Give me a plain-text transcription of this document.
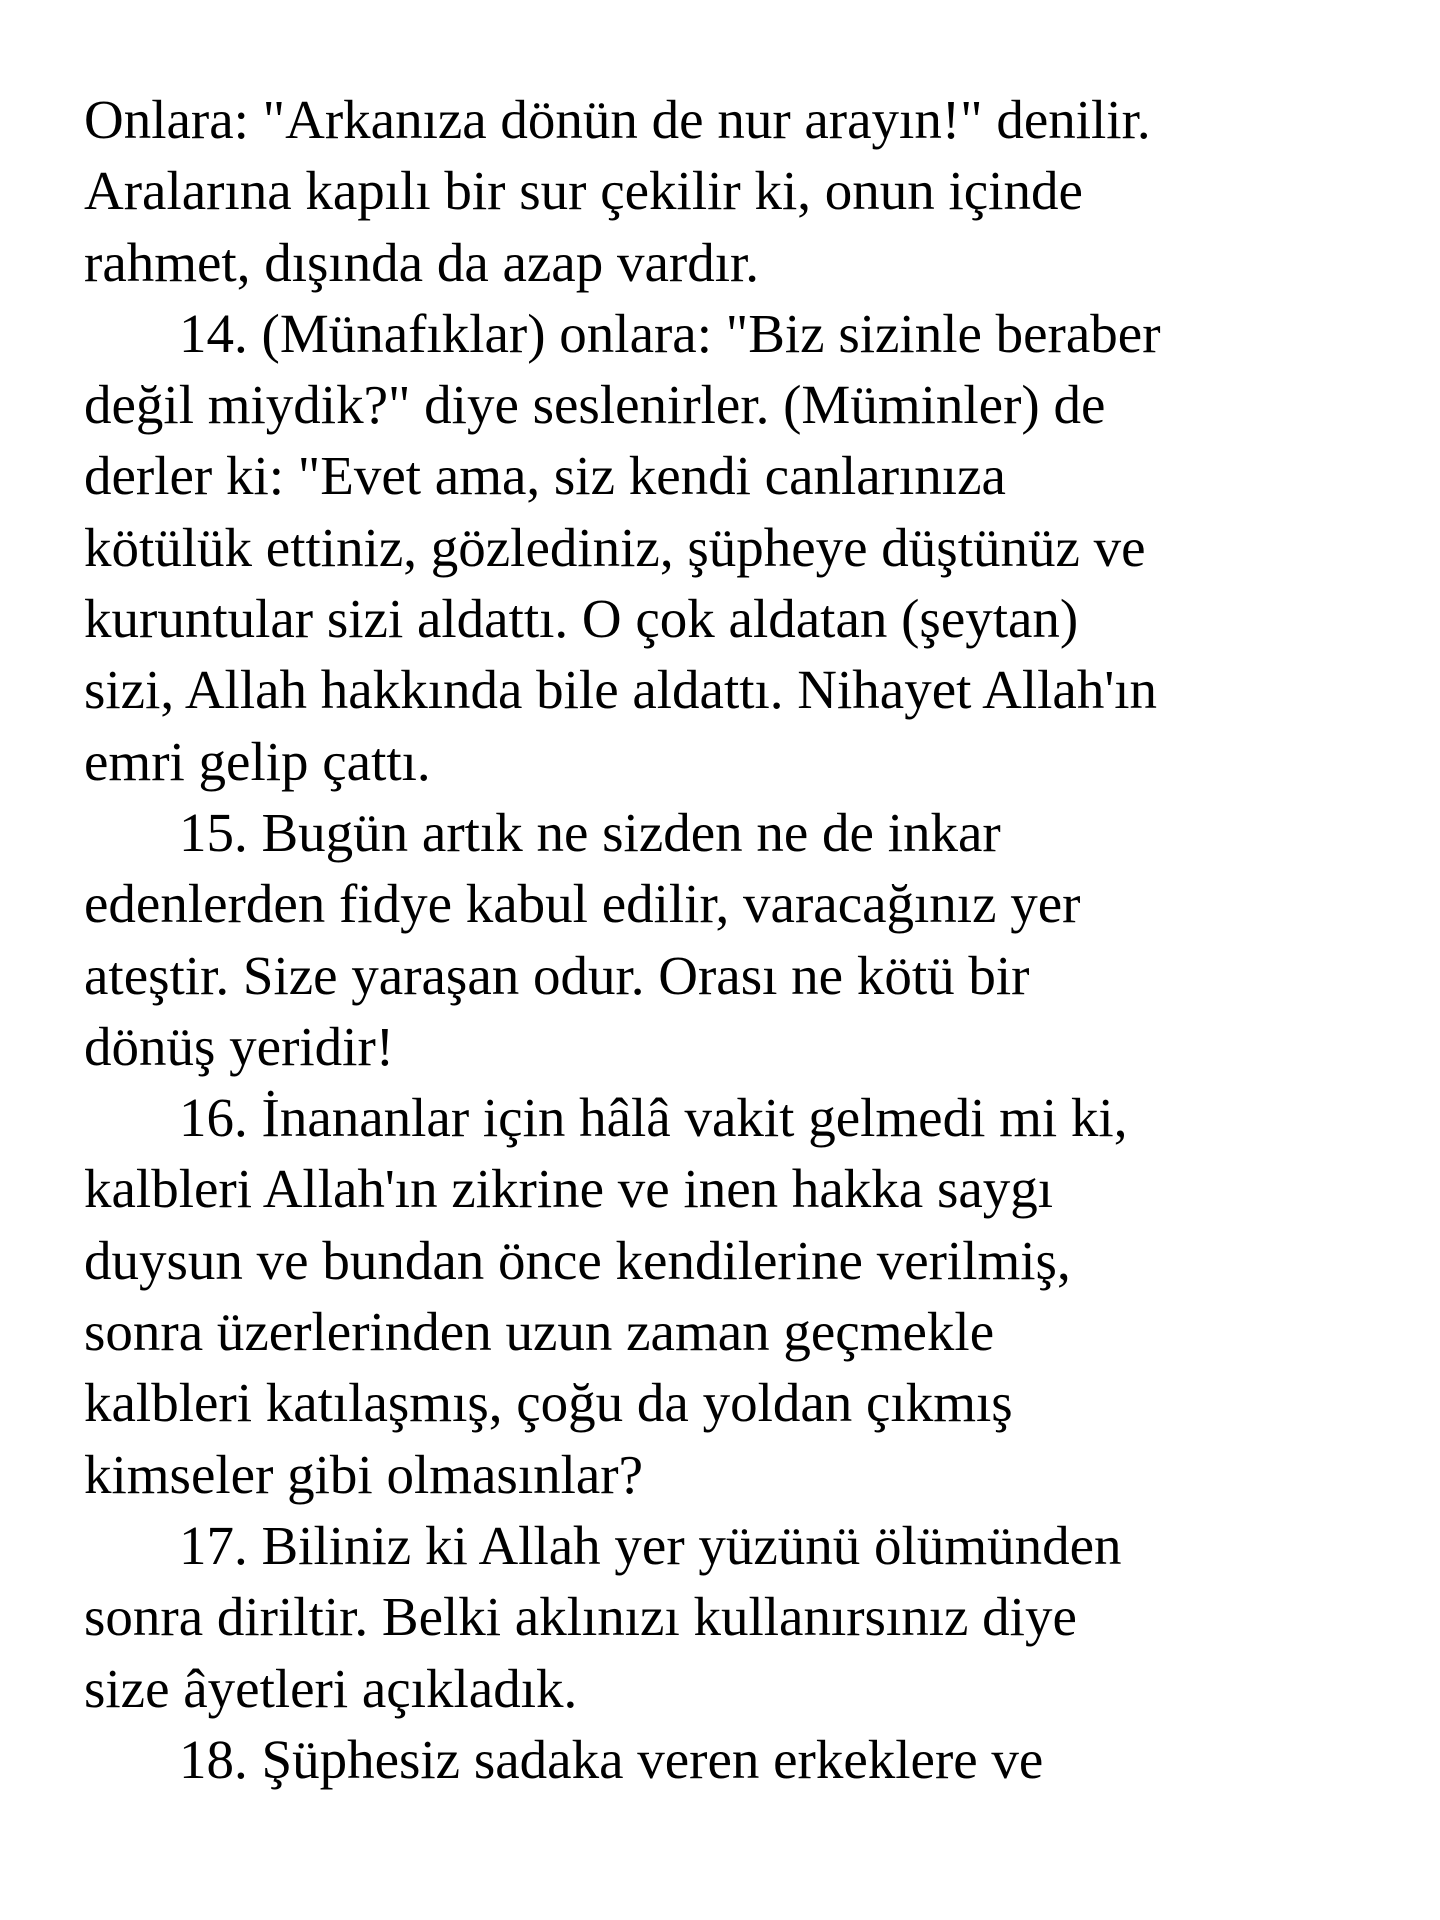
Onlara: "Arkanıza dönün de nur arayın!" denilir.
Aralarına kapılı bir sur çekilir ki, onun içinde
rahmet, dışında da azap vardır.
14. (Münafıklar) onlara: "Biz sizinle beraber
değil miydik?" diye seslenirler. (Müminler) de
derler ki: "Evet ama, siz kendi canlarınıza
kötülük ettiniz, gözlediniz, şüpheye düştünüz ve
kuruntular sizi aldattı. O çok aldatan (şeytan)
sizi, Allah hakkında bile aldattı. Nihayet Allah'ın
emri gelip çattı.
15. Bugün artık ne sizden ne de inkar
edenlerden fidye kabul edilir, varacağınız yer
ateştir. Size yaraşan odur. Orası ne kötü bir
dönüş yeridir!
16. İnananlar için hâlâ vakit gelmedi mi ki,
kalbleri Allah'ın zikrine ve inen hakka saygı
duysun ve bundan önce kendilerine verilmiş,
sonra üzerlerinden uzun zaman geçmekle
kalbleri katılaşmış, çoğu da yoldan çıkmış
kimseler gibi olmasınlar?
17. Biliniz ki Allah yer yüzünü ölümünden
sonra diriltir. Belki aklınızı kullanırsınız diye
size âyetleri açıkladık.
18. Şüphesiz sadaka veren erkeklere ve
